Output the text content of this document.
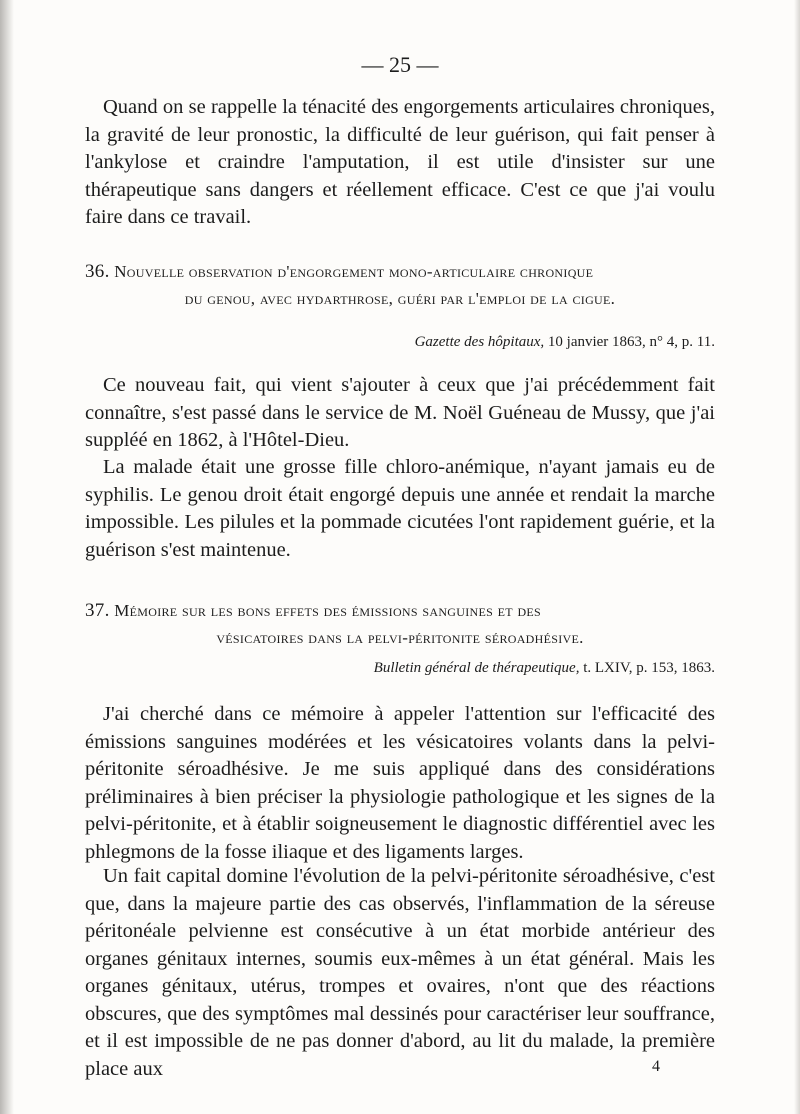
— 25 —

Quand on se rappelle la ténacité des engorgements articulaires chroniques, la gravité de leur pronostic, la difficulté de leur guérison, qui fait penser à l'ankylose et craindre l'amputation, il est utile d'insister sur une thérapeutique sans dangers et réellement efficace. C'est ce que j'ai voulu faire dans ce travail.

36. Nouvelle observation d'engorgement mono-articulaire chronique
du genou, avec hydarthrose, guéri par l'emploi de la cigue.

Gazette des hôpitaux, 10 janvier 1863, n° 4, p. 11.

Ce nouveau fait, qui vient s'ajouter à ceux que j'ai précédemment fait connaître, s'est passé dans le service de M. Noël Guéneau de Mussy, que j'ai suppléé en 1862, à l'Hôtel-Dieu.

La malade était une grosse fille chloro-anémique, n'ayant jamais eu de syphilis. Le genou droit était engorgé depuis une année et rendait la marche impossible. Les pilules et la pommade cicutées l'ont rapidement guérie, et la guérison s'est maintenue.

37. Mémoire sur les bons effets des émissions sanguines et des
vésicatoires dans la pelvi-péritonite séroadhésive.

Bulletin général de thérapeutique, t. LXIV, p. 153, 1863.

J'ai cherché dans ce mémoire à appeler l'attention sur l'efficacité des émissions sanguines modérées et les vésicatoires volants dans la pelvi-péritonite séroadhésive. Je me suis appliqué dans des considérations préliminaires à bien préciser la physiologie pathologique et les signes de la pelvi-péritonite, et à établir soigneusement le diagnostic différentiel avec les phlegmons de la fosse iliaque et des ligaments larges.

Un fait capital domine l'évolution de la pelvi-péritonite séroadhésive, c'est que, dans la majeure partie des cas observés, l'inflammation de la séreuse péritonéale pelvienne est consécutive à un état morbide antérieur des organes génitaux internes, soumis eux-mêmes à un état général. Mais les organes génitaux, utérus, trompes et ovaires, n'ont que des réactions obscures, que des symptômes mal dessinés pour caractériser leur souffrance, et il est impossible de ne pas donner d'abord, au lit du malade, la première place aux	4
